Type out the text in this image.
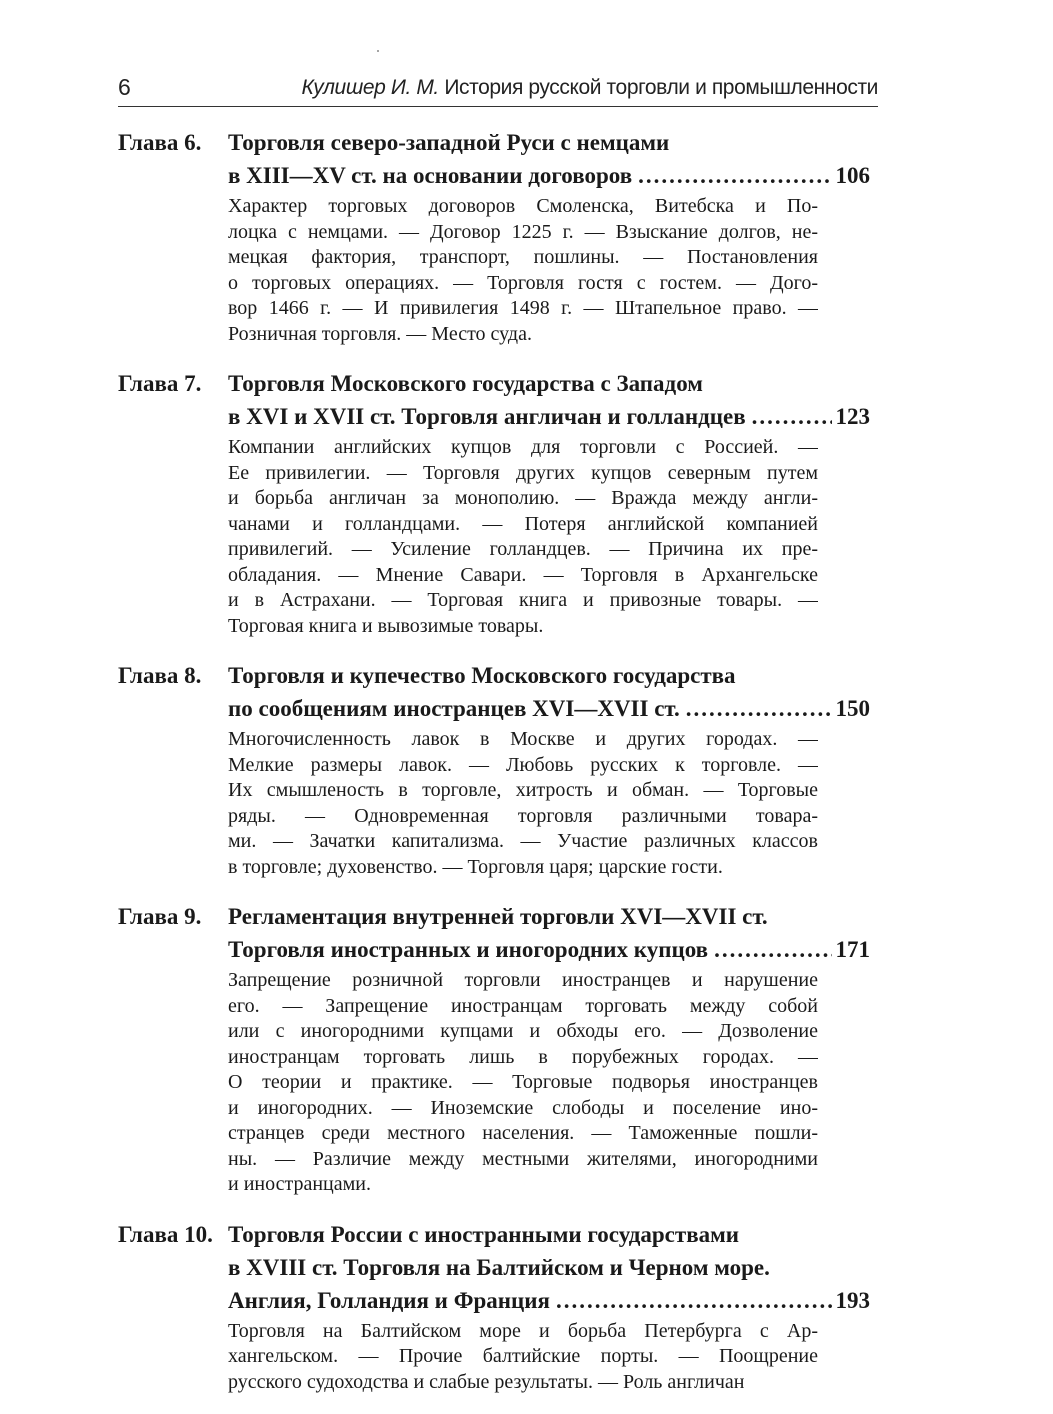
6	Кулишер И. М. История русской торговли и промышленности
Глава 6. Торговля северо-западной Руси с немцами
в XIII—XV ст. на основании договоров .....	106
Характер торговых договоров Смоленска, Витебска и По-
лоцка с немцами. — Договор 1225 г. — Взыскание долгов, не-
мецкая фактория, транспорт, пошлины. — Постановления
о торговых операциях. — Торговля гостя с гостем. — Дого-
вор 1466 г. — И привилегия 1498 г. — Штапельное право. —
Розничная торговля. — Место суда.
Глава 7. Торговля Московского государства с Западом
в XVI и XVII ст. Торговля англичан и голландцев .....	123
Компании английских купцов для торговли с Россией. —
Ее привилегии. — Торговля других купцов северным путем
и борьба англичан за монополию. — Вражда между англи-
чанами и голландцами. — Потеря английской компанией
привилегий. — Усиление голландцев. — Причина их пре-
обладания. — Мнение Савари. — Торговля в Архангельске
и в Астрахани. — Торговая книга и привозные товары. —
Торговая книга и вывозимые товары.
Глава 8. Торговля и купечество Московского государства
по сообщениям иностранцев XVI—XVII ст. .....	150
Многочисленность лавок в Москве и других городах. —
Мелкие размеры лавок. — Любовь русских к торговле. —
Их смышленость в торговле, хитрость и обман. — Торговые
ряды. — Одновременная торговля различными товара-
ми. — Зачатки капитализма. — Участие различных классов
в торговле; духовенство. — Торговля царя; царские гости.
Глава 9. Регламентация внутренней торговли XVI—XVII ст.
Торговля иностранных и иногородних купцов .....	171
Запрещение розничной торговли иностранцев и нарушение
его. — Запрещение иностранцам торговать между собой
или с иногородними купцами и обходы его. — Дозволение
иностранцам торговать лишь в порубежных городах. —
О теории и практике. — Торговые подворья иностранцев
и иногородних. — Иноземские слободы и поселение ино-
странцев среди местного населения. — Таможенные пошли-
ны. — Различие между местными жителями, иногородними
и иностранцами.
Глава 10. Торговля России с иностранными государствами
в XVIII ст. Торговля на Балтийском и Черном море.
Англия, Голландия и Франция .....	193
Торговля на Балтийском море и борьба Петербурга с Ар-
хангельском. — Прочие балтийские порты. — Поощрение
русского судоходства и слабые результаты. — Роль англичан
